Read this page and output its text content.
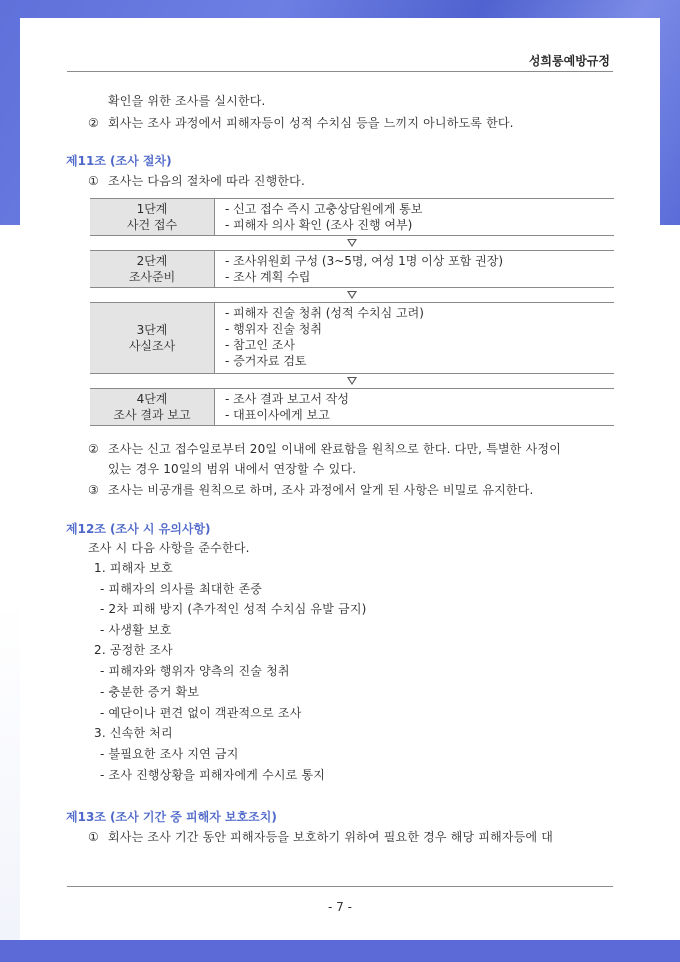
성희롱예방규정
확인을 위한 조사를 실시한다.
② 회사는 조사 과정에서 피해자등이 성적 수치심 등을 느끼지 아니하도록 한다.
제11조 (조사 절차)
① 조사는 다음의 절차에 따라 진행한다.
1단계
사건 접수
- 신고 접수 즉시 고충상담원에게 통보
- 피해자 의사 확인 (조사 진행 여부)
2단계
조사준비
- 조사위원회 구성 (3~5명, 여성 1명 이상 포함 권장)
- 조사 계획 수립
3단계
사실조사
- 피해자 진술 청취 (성적 수치심 고려)
- 행위자 진술 청취
- 참고인 조사
- 증거자료 검토
4단계
조사 결과 보고
- 조사 결과 보고서 작성
- 대표이사에게 보고
② 조사는 신고 접수일로부터 20일 이내에 완료함을 원칙으로 한다. 다만, 특별한 사정이
있는 경우 10일의 범위 내에서 연장할 수 있다.
③ 조사는 비공개를 원칙으로 하며, 조사 과정에서 알게 된 사항은 비밀로 유지한다.
제12조 (조사 시 유의사항)
조사 시 다음 사항을 준수한다.
1. 피해자 보호
- 피해자의 의사를 최대한 존중
- 2차 피해 방지 (추가적인 성적 수치심 유발 금지)
- 사생활 보호
2. 공정한 조사
- 피해자와 행위자 양측의 진술 청취
- 충분한 증거 확보
- 예단이나 편견 없이 객관적으로 조사
3. 신속한 처리
- 불필요한 조사 지연 금지
- 조사 진행상황을 피해자에게 수시로 통지
제13조 (조사 기간 중 피해자 보호조치)
① 회사는 조사 기간 동안 피해자등을 보호하기 위하여 필요한 경우 해당 피해자등에 대
- 7 -
